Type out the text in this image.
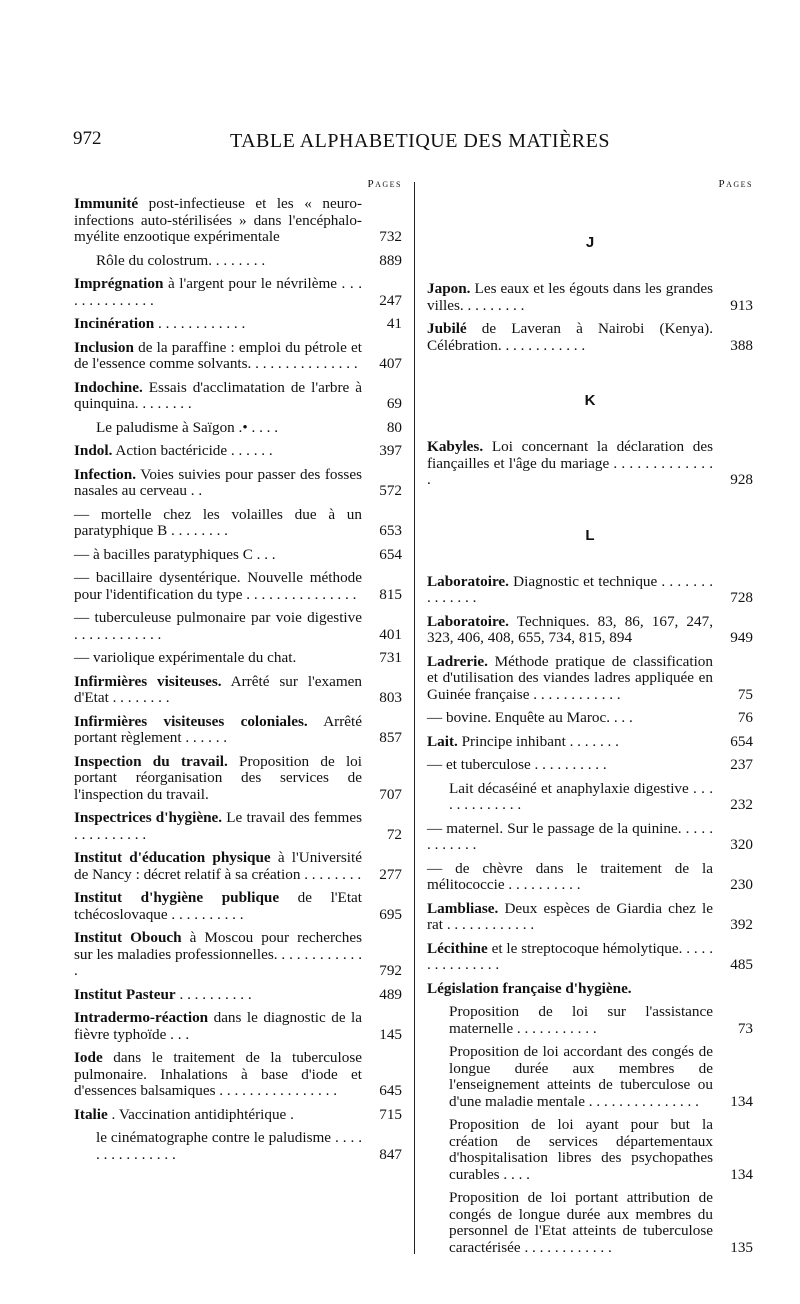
972	TABLE ALPHABETIQUE DES MATIÈRES
Pages
Immunité post-infectieuse et les « neuro-infections auto-stérilisées » dans l'encéphalo-myélite enzootique expérimentale	732
Rôle du colostrum. . . . . . . .	889
Imprégnation à l'argent pour le névrilème . . . . . . . . . . . . . .	247
Incinération . . . . . . . . . . . .	41
Inclusion de la paraffine : emploi du pétrole et de l'essence comme solvants. . . . . . . . . . . . . . .	407
Indochine. Essais d'acclimatation de l'arbre à quinquina. . . . . . . .	69
Le paludisme à Saïgon .• . . . .	80
Indol. Action bactéricide . . . . . .	397
Infection. Voies suivies pour passer des fosses nasales au cerveau . .	572
— mortelle chez les volailles due à un paratyphique B . . . . . . . .	653
— à bacilles paratyphiques C . . .	654
— bacillaire dysentérique. Nouvelle méthode pour l'identification du type . . . . . . . . . . . . . . .	815
— tuberculeuse pulmonaire par voie digestive . . . . . . . . . . . .	401
— variolique expérimentale du chat.	731
Infirmières visiteuses. Arrêté sur l'examen d'Etat . . . . . . . .	803
Infirmières visiteuses coloniales. Arrêté portant règlement . . . . . .	857
Inspection du travail. Proposition de loi portant réorganisation des services de l'inspection du travail.	707
Inspectrices d'hygiène. Le travail des femmes . . . . . . . . . .	72
Institut d'éducation physique à l'Université de Nancy : décret relatif à sa création . . . . . . . .	277
Institut d'hygiène publique de l'Etat tchécoslovaque . . . . . . . . . .	695
Institut Obouch à Moscou pour recherches sur les maladies professionnelles. . . . . . . . . . . . .	792
Institut Pasteur . . . . . . . . . .	489
Intradermo-réaction dans le diagnostic de la fièvre typhoïde . . .	145
Iode dans le traitement de la tuberculose pulmonaire. Inhalations à base d'iode et d'essences balsamiques . . . . . . . . . . . . . . . .	645
Italie . Vaccination antidiphtérique .	715
le cinématographe contre le paludisme . . . . . . . . . . . . . . .	847
Pages
J
Japon. Les eaux et les égouts dans les grandes villes. . . . . . . . .	913
Jubilé de Laveran à Nairobi (Kenya). Célébration. . . . . . . . . . . .	388
K
Kabyles. Loi concernant la déclaration des fiançailles et l'âge du mariage . . . . . . . . . . . . . .	928
L
Laboratoire. Diagnostic et technique . . . . . . . . . . . . . .	728
Laboratoire. Techniques. 83, 86, 167, 247, 323, 406, 408, 655, 734, 815, 894	949
Ladrerie. Méthode pratique de classification et d'utilisation des viandes ladres appliquée en Guinée française . . . . . . . . . . . .	75
— bovine. Enquête au Maroc. . . .	76
Lait. Principe inhibant . . . . . . .	654
— et tuberculose . . . . . . . . . .	237
Lait décaséiné et anaphylaxie digestive . . . . . . . . . . . . .	232
— maternel. Sur le passage de la quinine. . . . . . . . . . . .	320
— de chèvre dans le traitement de la mélitococcie . . . . . . . . . .	230
Lambliase. Deux espèces de Giardia chez le rat . . . . . . . . . . . .	392
Lécithine et le streptocoque hémolytique. . . . . . . . . . . . . . .	485
Législation française d'hygiène.
Proposition de loi sur l'assistance maternelle . . . . . . . . . . .	73
Proposition de loi accordant des congés de longue durée aux membres de l'enseignement atteints de tuberculose ou d'une maladie mentale . . . . . . . . . . . . . . .	134
Proposition de loi ayant pour but la création de services départementaux d'hospitalisation libres des psychopathes curables . . . .	134
Proposition de loi portant attribution de congés de longue durée aux membres du personnel de l'Etat atteints de tuberculose caractérisée . . . . . . . . . . . .	135
